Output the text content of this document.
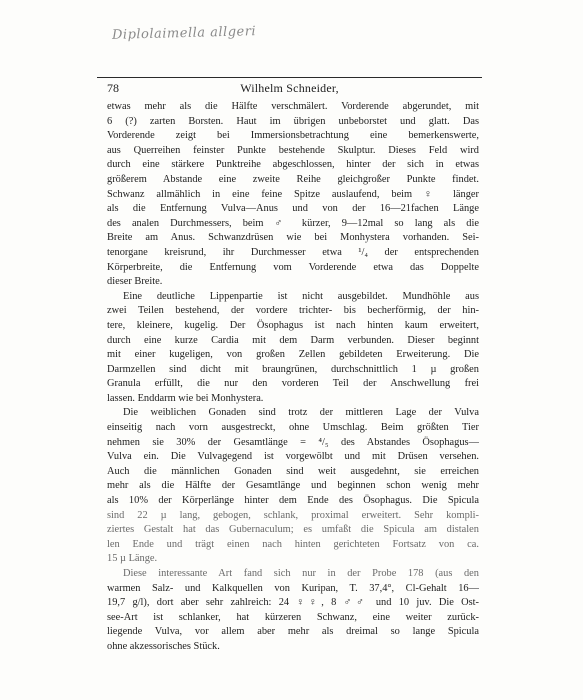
Diplolaimella allgeri
78	Wilhelm Schneider,

etwas mehr als die Hälfte verschmälert. Vorderende abgerundet, mit
6 (?) zarten Borsten. Haut im übrigen unbeborstet und glatt. Das
Vorderende zeigt bei Immersionsbetrachtung eine bemerkenswerte,
aus Querreihen feinster Punkte bestehende Skulptur. Dieses Feld wird
durch eine stärkere Punktreihe abgeschlossen, hinter der sich in etwas
größerem Abstande eine zweite Reihe gleichgroßer Punkte findet.
Schwanz allmählich in eine feine Spitze auslaufend, beim ♀ länger
als die Entfernung Vulva—Anus und von der 16—21fachen Länge
des analen Durchmessers, beim ♂ kürzer, 9—12mal so lang als die
Breite am Anus. Schwanzdrüsen wie bei Monhystera vorhanden. Sei-
tenorgane kreisrund, ihr Durchmesser etwa ¹/₄ der entsprechenden
Körperbreite, die Entfernung vom Vorderende etwa das Doppelte
dieser Breite.

Eine deutliche Lippenpartie ist nicht ausgebildet. Mundhöhle aus
zwei Teilen bestehend, der vordere trichter- bis becherförmig, der hin-
tere, kleinere, kugelig. Der Ösophagus ist nach hinten kaum erweitert,
durch eine kurze Cardia mit dem Darm verbunden. Dieser beginnt
mit einer kugeligen, von großen Zellen gebildeten Erweiterung. Die
Darmzellen sind dicht mit braungrünen, durchschnittlich 1 µ großen
Granula erfüllt, die nur den vorderen Teil der Anschwellung frei
lassen. Enddarm wie bei Monhystera.

Die weiblichen Gonaden sind trotz der mittleren Lage der Vulva
einseitig nach vorn ausgestreckt, ohne Umschlag. Beim größten Tier
nehmen sie 30% der Gesamtlänge = ⁴/₅ des Abstandes Ösophagus—
Vulva ein. Die Vulvagegend ist vorgewölbt und mit Drüsen versehen.
Auch die männlichen Gonaden sind weit ausgedehnt, sie erreichen
mehr als die Hälfte der Gesamtlänge und beginnen schon wenig mehr
als 10% der Körperlänge hinter dem Ende des Ösophagus. Die Spicula
sind 22 µ lang, gebogen, schlank, proximal erweitert. Sehr kompli-
ziertes Gestalt hat das Gubernaculum; es umfaßt die Spicula am distalen
len Ende und trägt einen nach hinten gerichteten Fortsatz von ca.
15 µ Länge.

Diese interessante Art fand sich nur in der Probe 178 (aus den
warmen Salz- und Kalkquellen von Kuripan, T. 37,4°, Cl-Gehalt 16—
19,7 g/l), dort aber sehr zahlreich: 24 ♀♀, 8 ♂♂ und 10 juv. Die Ost-
see-Art ist schlanker, hat kürzeren Schwanz, eine weiter zurück-
liegende Vulva, vor allem aber mehr als dreimal so lange Spicula
ohne akzessorisches Stück.
